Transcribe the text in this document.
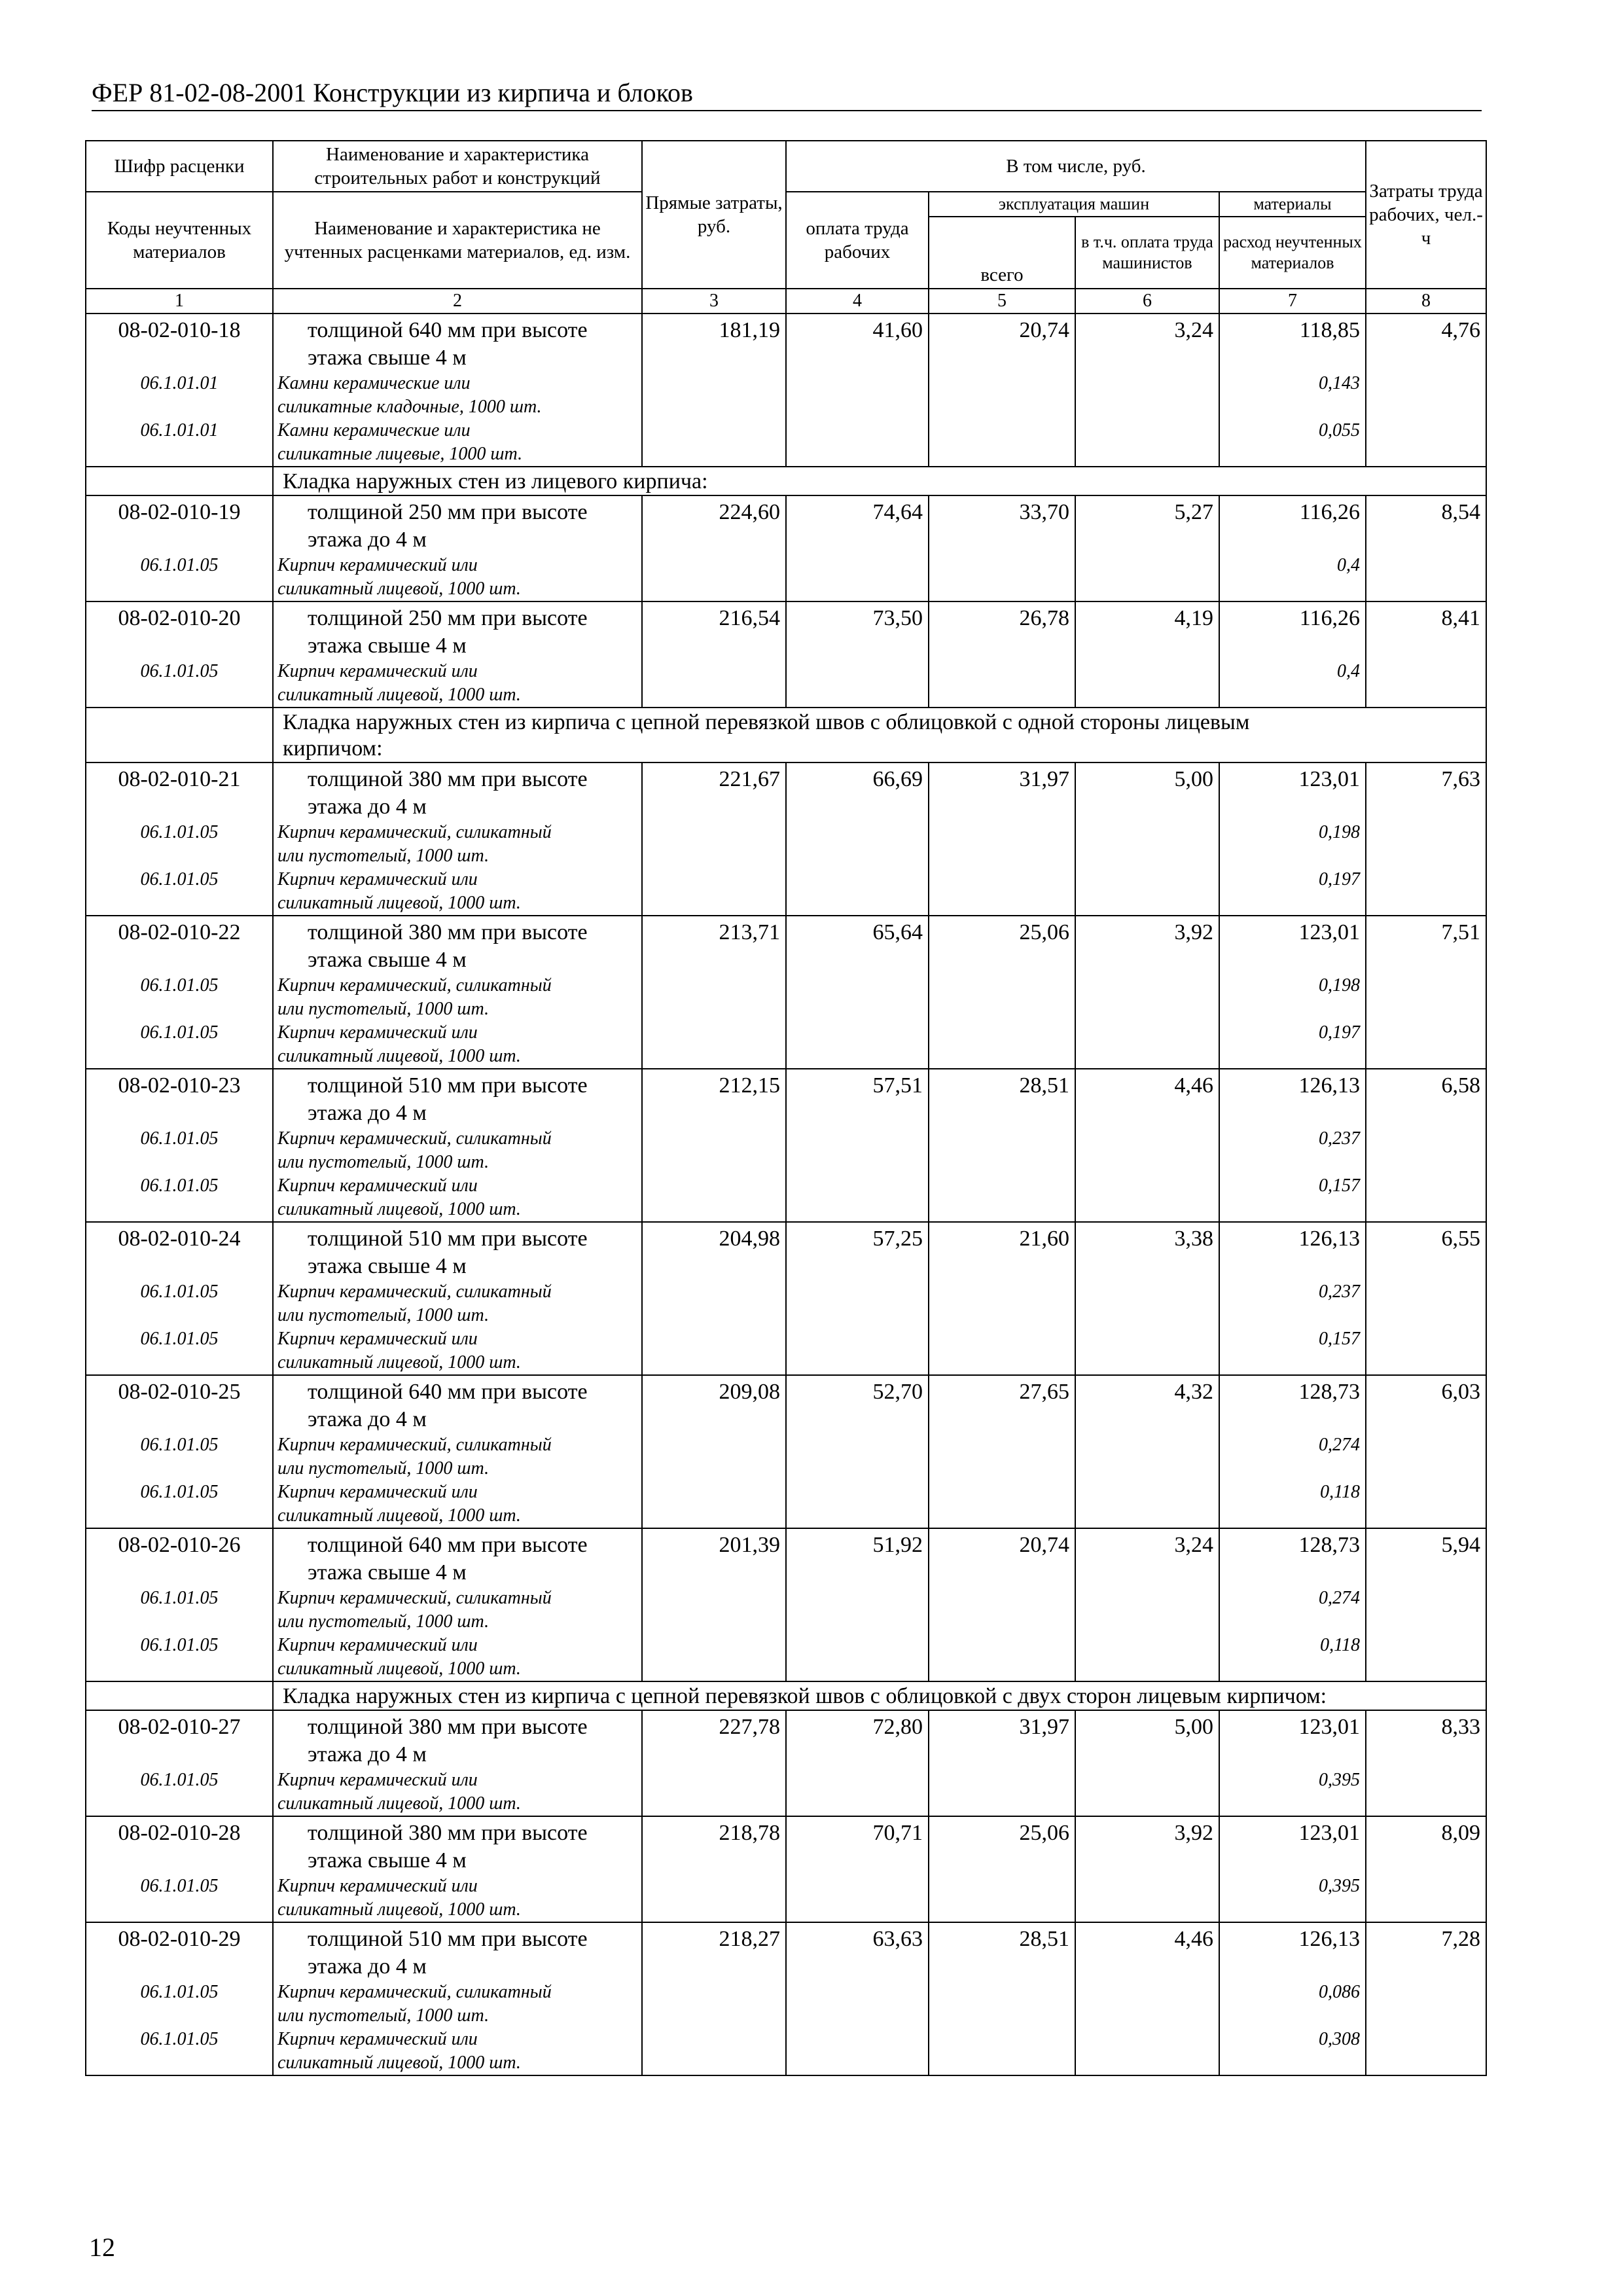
ФЕР 81-02-08-2001 Конструкции из кирпича и блоков
Шифр расценки	Наименование и характеристика строительных работ и конструкций	Прямые затраты, руб.	В том числе, руб.				Затраты труда рабочих, чел.-ч
Коды неучтенных материалов	Наименование и характеристика не учтенных расценками материалов, ед. изм.		оплата труда рабочих	эксплуатация машин		материалы	
				всего	в т.ч. оплата труда машинистов	расход неучтенных материалов	
1	2	3	4	5	6	7	8
08-02-010-18	толщиной 640 мм при высоте
этажа свыше 4 м	181,19	41,60	20,74	3,24	118,85	4,76
06.1.01.01	Камни керамические или
силикатные кладочные, 1000 шт.					0,143	
06.1.01.01	Камни керамические или
силикатные лицевые, 1000 шт.					0,055	

	Кладка наружных стен из лицевого кирпича:						

08-02-010-19	толщиной 250 мм при высоте
этажа до 4 м	224,60	74,64	33,70	5,27	116,26	8,54
06.1.01.05	Кирпич керамический или
силикатный лицевой, 1000 шт.					0,4	
08-02-010-20	толщиной 250 мм при высоте
этажа свыше 4 м	216,54	73,50	26,78	4,19	116,26	8,41
06.1.01.05	Кирпич керамический или
силикатный лицевой, 1000 шт.					0,4	

	Кладка наружных стен из кирпича с цепной перевязкой швов с облицовкой с одной стороны лицевым
кирпичом:						

08-02-010-21	толщиной 380 мм при высоте
этажа до 4 м	221,67	66,69	31,97	5,00	123,01	7,63
06.1.01.05	Кирпич керамический, силикатный
или пустотелый, 1000 шт.					0,198	
06.1.01.05	Кирпич керамический или
силикатный лицевой, 1000 шт.					0,197	
08-02-010-22	толщиной 380 мм при высоте
этажа свыше 4 м	213,71	65,64	25,06	3,92	123,01	7,51
06.1.01.05	Кирпич керамический, силикатный
или пустотелый, 1000 шт.					0,198	
06.1.01.05	Кирпич керамический или
силикатный лицевой, 1000 шт.					0,197	
08-02-010-23	толщиной 510 мм при высоте
этажа до 4 м	212,15	57,51	28,51	4,46	126,13	6,58
06.1.01.05	Кирпич керамический, силикатный
или пустотелый, 1000 шт.					0,237	
06.1.01.05	Кирпич керамический или
силикатный лицевой, 1000 шт.					0,157	
08-02-010-24	толщиной 510 мм при высоте
этажа свыше 4 м	204,98	57,25	21,60	3,38	126,13	6,55
06.1.01.05	Кирпич керамический, силикатный
или пустотелый, 1000 шт.					0,237	
06.1.01.05	Кирпич керамический или
силикатный лицевой, 1000 шт.					0,157	
08-02-010-25	толщиной 640 мм при высоте
этажа до 4 м	209,08	52,70	27,65	4,32	128,73	6,03
06.1.01.05	Кирпич керамический, силикатный
или пустотелый, 1000 шт.					0,274	
06.1.01.05	Кирпич керамический или
силикатный лицевой, 1000 шт.					0,118	
08-02-010-26	толщиной 640 мм при высоте
этажа свыше 4 м	201,39	51,92	20,74	3,24	128,73	5,94
06.1.01.05	Кирпич керамический, силикатный
или пустотелый, 1000 шт.					0,274	
06.1.01.05	Кирпич керамический или
силикатный лицевой, 1000 шт.					0,118	

	Кладка наружных стен из кирпича с цепной перевязкой швов с облицовкой с двух сторон лицевым кирпичом:						

08-02-010-27	толщиной 380 мм при высоте
этажа до 4 м	227,78	72,80	31,97	5,00	123,01	8,33
06.1.01.05	Кирпич керамический или
силикатный лицевой, 1000 шт.					0,395	
08-02-010-28	толщиной 380 мм при высоте
этажа свыше 4 м	218,78	70,71	25,06	3,92	123,01	8,09
06.1.01.05	Кирпич керамический или
силикатный лицевой, 1000 шт.					0,395	
08-02-010-29	толщиной 510 мм при высоте
этажа до 4 м	218,27	63,63	28,51	4,46	126,13	7,28
06.1.01.05	Кирпич керамический, силикатный
или пустотелый, 1000 шт.					0,086	
06.1.01.05	Кирпич керамический или
силикатный лицевой, 1000 шт.					0,308	
12
